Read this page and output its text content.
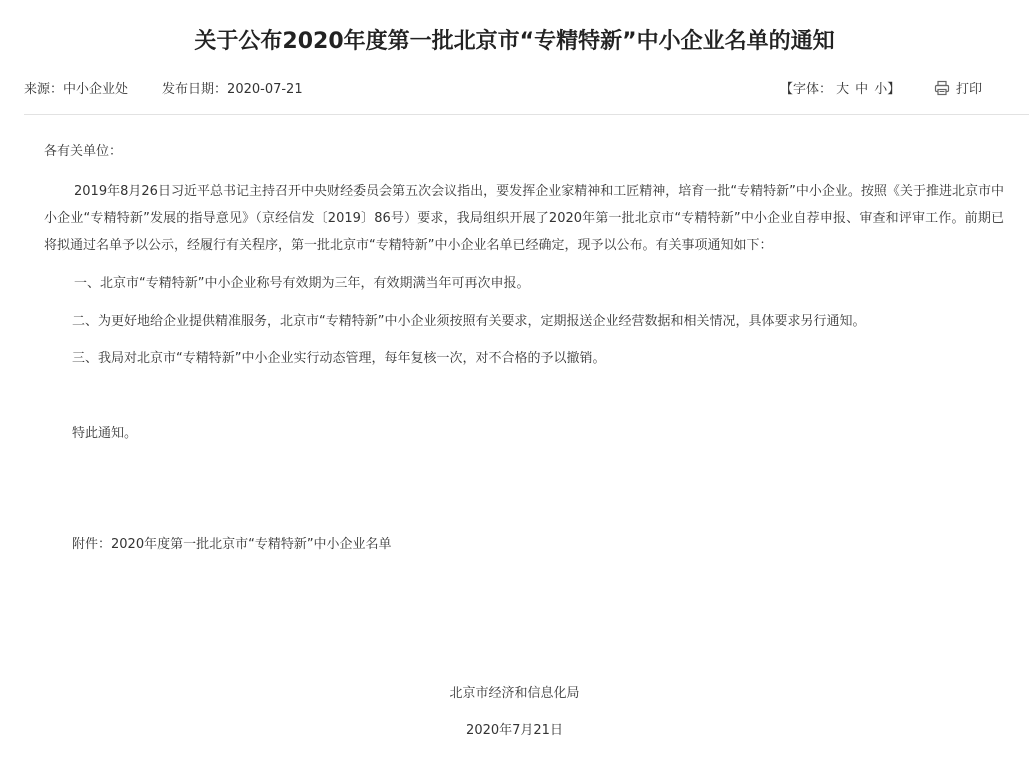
关于公布2020年度第一批北京市“专精特新”中小企业名单的通知
来源：中小企业处	发布日期：2020-07-21	【字体： 大 中 小】	打印
各有关单位：
2019年8月26日习近平总书记主持召开中央财经委员会第五次会议指出，要发挥企业家精神和工匠精神，培育一批“专精特新”中小企业。按照《关于推进北京市中小企业“专精特新”发展的指导意见》（京经信发〔2019〕86号）要求，我局组织开展了2020年第一批北京市“专精特新”中小企业自荐申报、审查和评审工作。前期已将拟通过名单予以公示，经履行有关程序，第一批北京市“专精特新”中小企业名单已经确定，现予以公布。有关事项通知如下：
一、北京市“专精特新”中小企业称号有效期为三年，有效期满当年可再次申报。
二、为更好地给企业提供精准服务，北京市“专精特新”中小企业须按照有关要求，定期报送企业经营数据和相关情况，具体要求另行通知。
三、我局对北京市“专精特新”中小企业实行动态管理，每年复核一次，对不合格的予以撤销。
特此通知。
附件：2020年度第一批北京市“专精特新”中小企业名单
北京市经济和信息化局
2020年7月21日
